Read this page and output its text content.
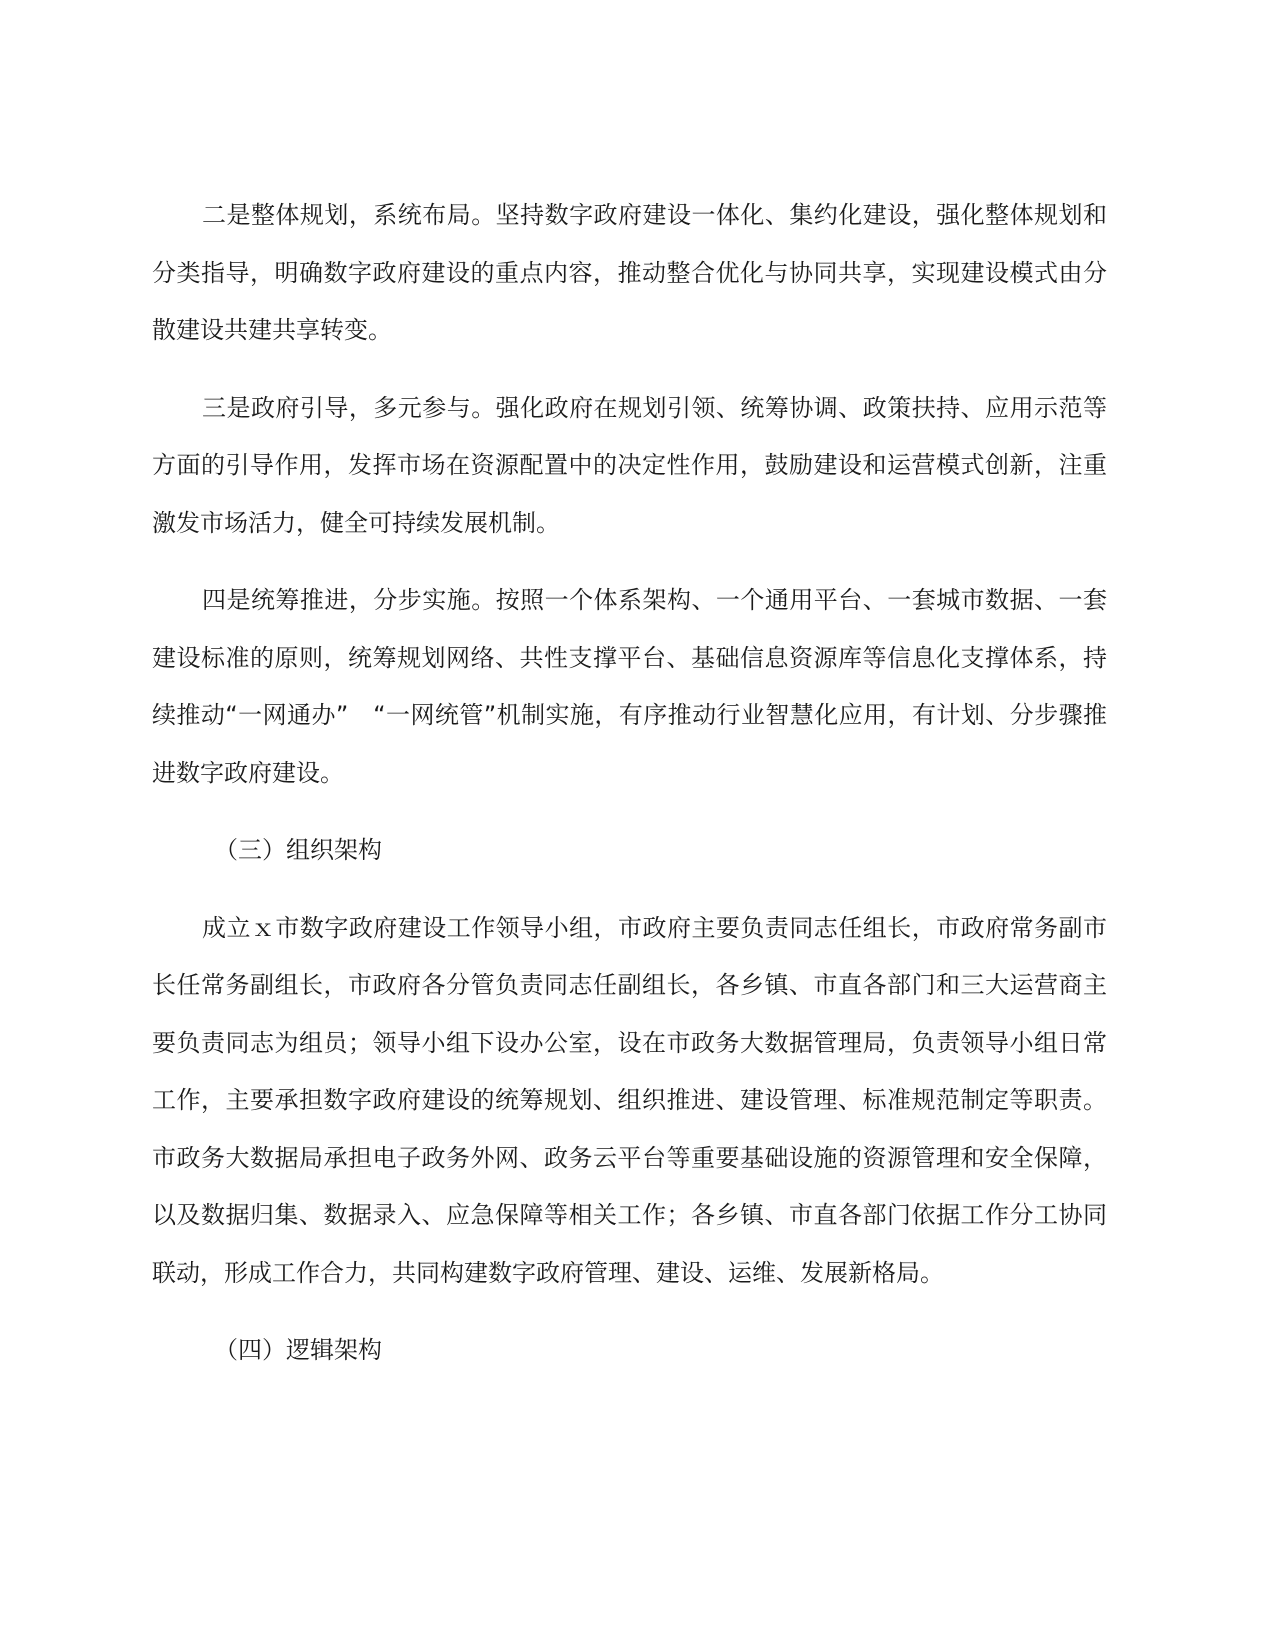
二是整体规划，系统布局。坚持数字政府建设一体化、集约化建设，强化整体规划和分类指导，明确数字政府建设的重点内容，推动整合优化与协同共享，实现建设模式由分散建设共建共享转变。

三是政府引导，多元参与。强化政府在规划引领、统筹协调、政策扶持、应用示范等方面的引导作用，发挥市场在资源配置中的决定性作用，鼓励建设和运营模式创新，注重激发市场活力，健全可持续发展机制。

四是统筹推进，分步实施。按照一个体系架构、一个通用平台、一套城市数据、一套建设标准的原则，统筹规划网络、共性支撑平台、基础信息资源库等信息化支撑体系，持续推动“一网通办”　“一网统管”机制实施，有序推动行业智慧化应用，有计划、分步骤推进数字政府建设。

（三）组织架构

成立ｘ市数字政府建设工作领导小组，市政府主要负责同志任组长，市政府常务副市长任常务副组长，市政府各分管负责同志任副组长，各乡镇、市直各部门和三大运营商主要负责同志为组员；领导小组下设办公室，设在市政务大数据管理局，负责领导小组日常工作，主要承担数字政府建设的统筹规划、组织推进、建设管理、标准规范制定等职责。市政务大数据局承担电子政务外网、政务云平台等重要基础设施的资源管理和安全保障，以及数据归集、数据录入、应急保障等相关工作；各乡镇、市直各部门依据工作分工协同联动，形成工作合力，共同构建数字政府管理、建设、运维、发展新格局。

（四）逻辑架构
